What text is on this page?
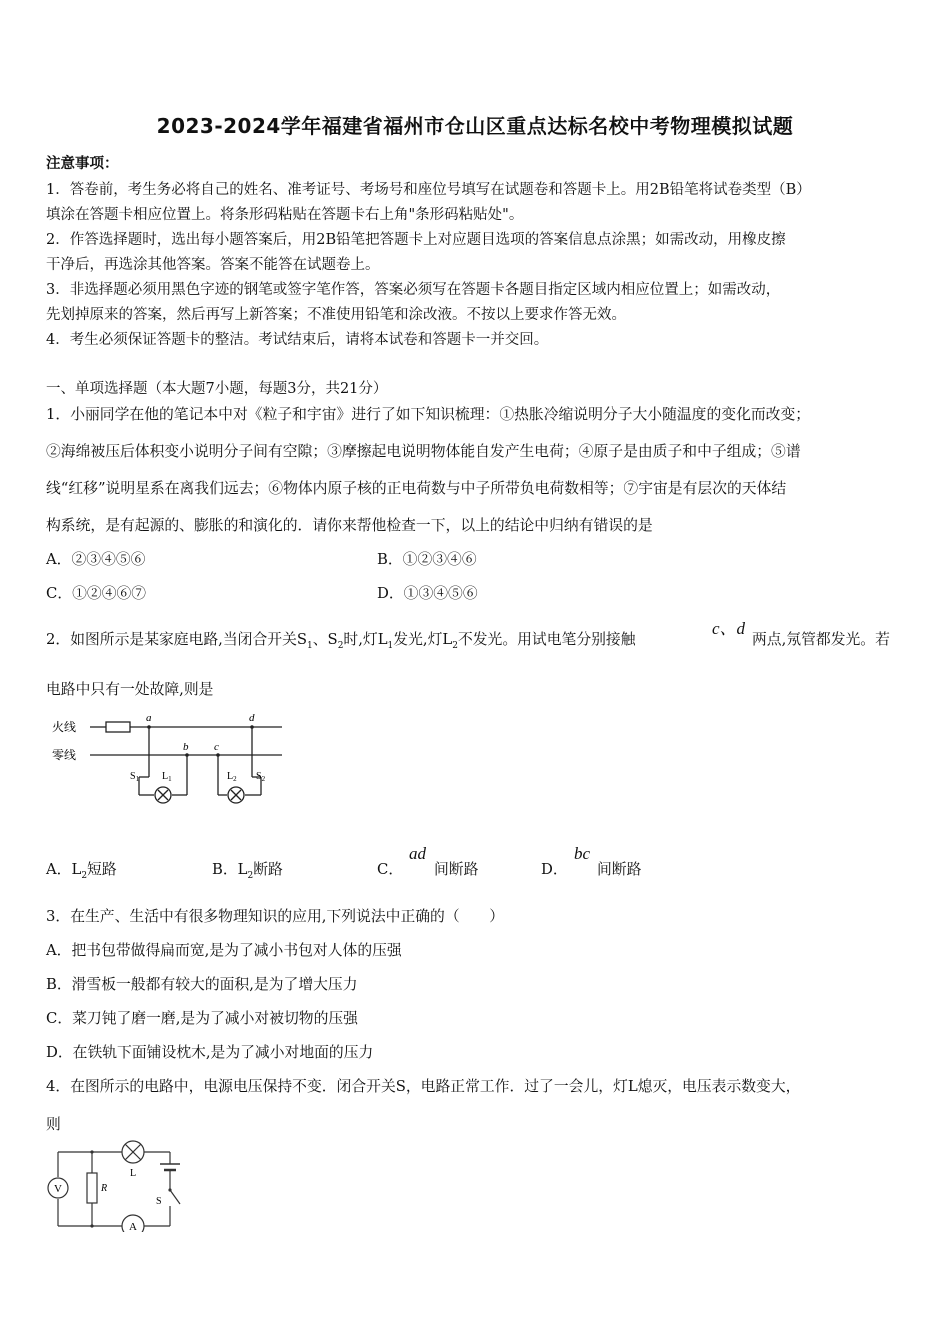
2023-2024学年福建省福州市仓山区重点达标名校中考物理模拟试题
注意事项：
1．答卷前，考生务必将自己的姓名、准考证号、考场号和座位号填写在试题卷和答题卡上。用2B铅笔将试卷类型（B）
填涂在答题卡相应位置上。将条形码粘贴在答题卡右上角"条形码粘贴处"。
2．作答选择题时，选出每小题答案后，用2B铅笔把答题卡上对应题目选项的答案信息点涂黑；如需改动，用橡皮擦
干净后，再选涂其他答案。答案不能答在试题卷上。
3．非选择题必须用黑色字迹的钢笔或签字笔作答，答案必须写在答题卡各题目指定区域内相应位置上；如需改动，
先划掉原来的答案，然后再写上新答案；不准使用铅笔和涂改液。不按以上要求作答无效。
4．考生必须保证答题卡的整洁。考试结束后，请将本试卷和答题卡一并交回。
一、单项选择题（本大题7小题，每题3分，共21分）
1．小丽同学在他的笔记本中对《粒子和宇宙》进行了如下知识梳理：①热胀冷缩说明分子大小随温度的变化而改变；
②海绵被压后体积变小说明分子间有空隙；③摩擦起电说明物体能自发产生电荷；④原子是由质子和中子组成；⑤谱
线“红移”说明星系在离我们远去；⑥物体内原子核的正电荷数与中子所带负电荷数相等；⑦宇宙是有层次的天体结
构系统，是有起源的、膨胀的和演化的．请你来帮他检查一下，以上的结论中归纳有错误的是
A．②③④⑤⑥	B．①②③④⑥
C．①②④⑥⑦	D．①③④⑤⑥
2．如图所示是某家庭电路,当闭合开关$S_1$、$S_2$时,灯$L_1$发光,灯$L_2$不发光。用试电笔分别接触
c、d
两点,氖管都发光。若
电路中只有一处故障,则是
火线
零线
a
b c
d
$S_1$ $L_1$	$L_2$ $S_2$
A．$L_2$短路	B．$L_2$断路	C．
ad
间断路	D．
bc
间断路
3．在生产、生活中有很多物理知识的应用,下列说法中正确的（　　）
A．把书包带做得扁而宽,是为了减小书包对人体的压强
B．滑雪板一般都有较大的面积,是为了增大压力
C．菜刀钝了磨一磨,是为了减小对被切物的压强
D．在铁轨下面铺设枕木,是为了减小对地面的压力
4．在图所示的电路中，电源电压保持不变．闭合开关S，电路正常工作．过了一会儿，灯L熄灭，电压表示数变大，
则
V	R
L
S
A
